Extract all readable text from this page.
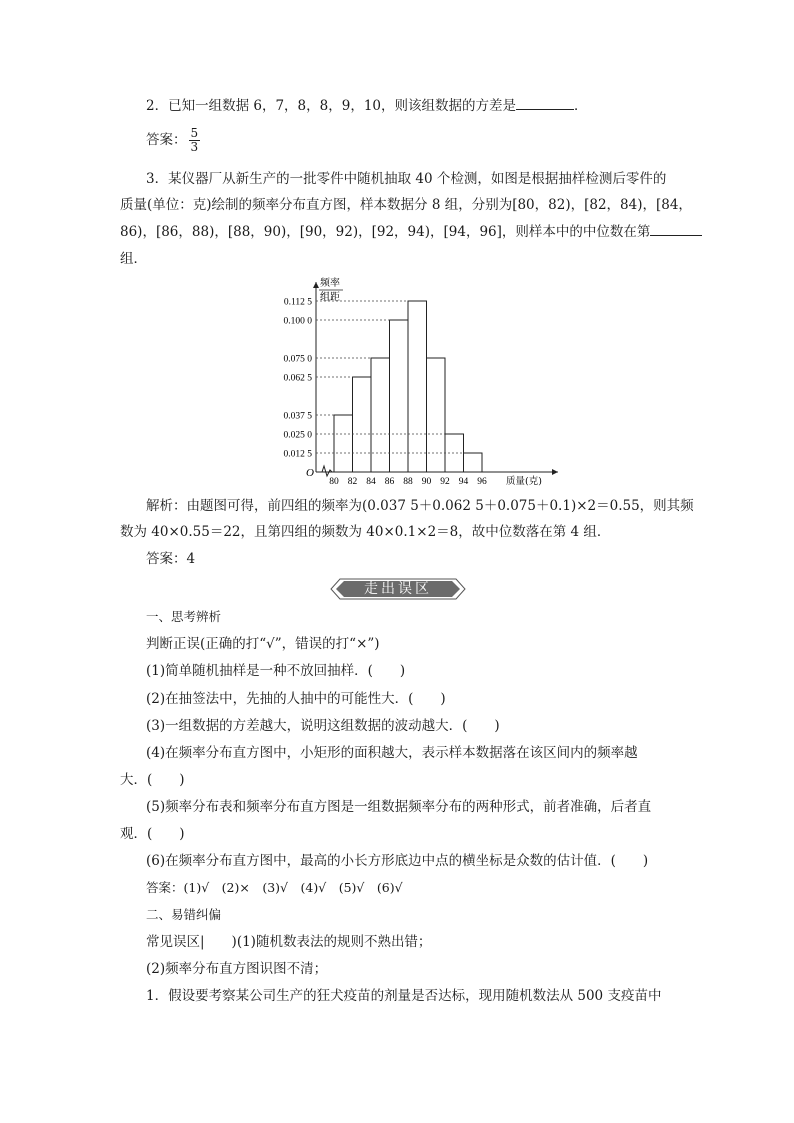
2．已知一组数据 6，7，8，8，9，10，则该组数据的方差是	．
答案： $\frac{5}{3}$
3．某仪器厂从新生产的一批零件中随机抽取 40 个检测，如图是根据抽样检测后零件的
质量(单位：克)绘制的频率分布直方图，样本数据分 8 组，分别为[80，82)，[82，84)，[84，
86)，[86，88)，[88，90)，[90，92)，[92，94)，[94，96]，则样本中的中位数在第
组．
O
频率
组距
0.112 5
0.100 0
0.075 0
0.062 5
0.037 5
0.025 0
0.012 5
80 82 84 86 88 90 92 94 96 质量(克)
解析：由题图可得，前四组的频率为(0.037 5＋0.062 5＋0.075＋0.1)×2＝0.55，则其频
数为 40×0.55＝22，且第四组的频数为 40×0.1×2＝8，故中位数落在第 4 组．
答案：4
走出误区
一、思考辨析
判断正误(正确的打“√”，错误的打“×”)
(1)简单随机抽样是一种不放回抽样．(　　)
(2)在抽签法中，先抽的人抽中的可能性大．(　　)
(3)一组数据的方差越大，说明这组数据的波动越大．(　　)
(4)在频率分布直方图中，小矩形的面积越大，表示样本数据落在该区间内的频率越
大．(　　)
(5)频率分布表和频率分布直方图是一组数据频率分布的两种形式，前者准确，后者直
观．(　　)
(6)在频率分布直方图中，最高的小长方形底边中点的横坐标是众数的估计值．(　　)
答案：(1)√　(2)×　(3)√　(4)√　(5)√　(6)√
二、易错纠偏
常见误区|　　)(1)随机数表法的规则不熟出错；
(2)频率分布直方图识图不清；
1．假设要考察某公司生产的狂犬疫苗的剂量是否达标，现用随机数法从 500 支疫苗中
